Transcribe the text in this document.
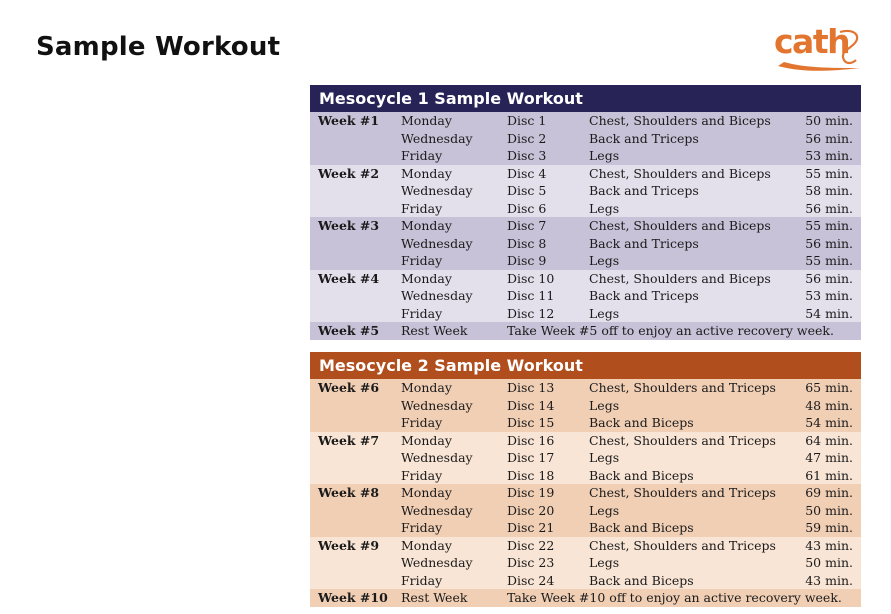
Sample Workout	cath
Mesocycle 1 Sample Workout
Week #1	Monday	Disc 1	Chest, Shoulders and Biceps	50 min.
Wednesday	Disc 2	Back and Triceps	56 min.
Friday	Disc 3	Legs	53 min.
Week #2	Monday	Disc 4	Chest, Shoulders and Biceps	55 min.
Wednesday	Disc 5	Back and Triceps	58 min.
Friday	Disc 6	Legs	56 min.
Week #3	Monday	Disc 7	Chest, Shoulders and Biceps	55 min.
Wednesday	Disc 8	Back and Triceps	56 min.
Friday	Disc 9	Legs	55 min.
Week #4	Monday	Disc 10	Chest, Shoulders and Biceps	56 min.
Wednesday	Disc 11	Back and Triceps	53 min.
Friday	Disc 12	Legs	54 min.
Week #5	Rest Week	Take Week #5 off to enjoy an active recovery week.
Mesocycle 2 Sample Workout
Week #6	Monday	Disc 13	Chest, Shoulders and Triceps	65 min.
Wednesday	Disc 14	Legs	48 min.
Friday	Disc 15	Back and Biceps	54 min.
Week #7	Monday	Disc 16	Chest, Shoulders and Triceps	64 min.
Wednesday	Disc 17	Legs	47 min.
Friday	Disc 18	Back and Biceps	61 min.
Week #8	Monday	Disc 19	Chest, Shoulders and Triceps	69 min.
Wednesday	Disc 20	Legs	50 min.
Friday	Disc 21	Back and Biceps	59 min.
Week #9	Monday	Disc 22	Chest, Shoulders and Triceps	43 min.
Wednesday	Disc 23	Legs	50 min.
Friday	Disc 24	Back and Biceps	43 min.
Week #10	Rest Week	Take Week #10 off to enjoy an active recovery week.
